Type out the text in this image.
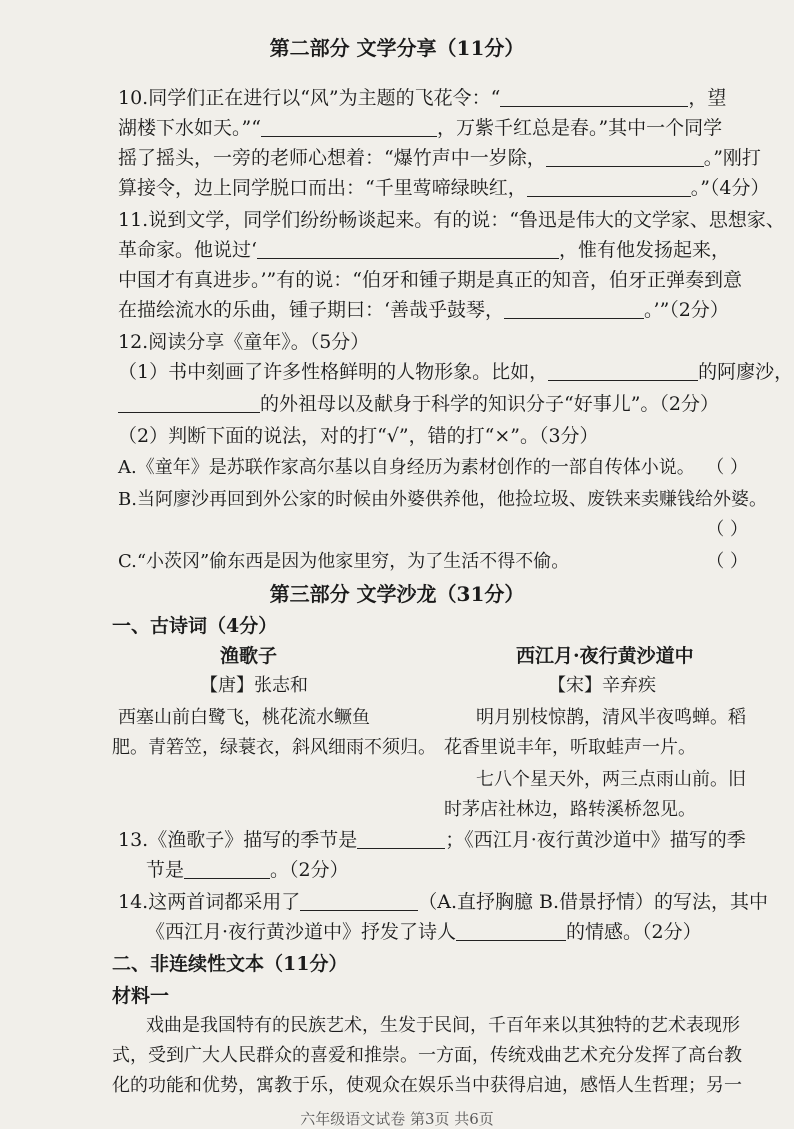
第二部分 文学分享（11分）
10.同学们正在进行以“风”为主题的飞花令：“	，望
湖楼下水如天。”“	，万紫千红总是春。”其中一个同学
摇了摇头，一旁的老师心想着：“爆竹声中一岁除，	。”刚打
算接令，边上同学脱口而出：“千里莺啼绿映红，	。”（4分）
11.说到文学，同学们纷纷畅谈起来。有的说：“鲁迅是伟大的文学家、思想家、
革命家。他说过‘	，惟有他发扬起来，
中国才有真进步。’”有的说：“伯牙和锺子期是真正的知音，伯牙正弹奏到意
在描绘流水的乐曲，锺子期曰：‘善哉乎鼓琴，	。’”（2分）
12.阅读分享《童年》。（5分）
（1）书中刻画了许多性格鲜明的人物形象。比如，	的阿廖沙，
的外祖母以及献身于科学的知识分子“好事儿”。（2分）
（2）判断下面的说法，对的打“√”，错的打“×”。（3分）
A.《童年》是苏联作家高尔基以自身经历为素材创作的一部自传体小说。 （ ）
B.当阿廖沙再回到外公家的时候由外婆供养他，他捡垃圾、废铁来卖赚钱给外婆。
（ ）
C.“小茨冈”偷东西是因为他家里穷，为了生活不得不偷。	（ ）
第三部分 文学沙龙（31分）
一、古诗词（4分）
渔歌子
【唐】张志和
西塞山前白鹭飞，桃花流水鳜鱼
肥。青箬笠，绿蓑衣，斜风细雨不须归。
西江月·夜行黄沙道中
【宋】辛弃疾
明月别枝惊鹊，清风半夜鸣蝉。稻
花香里说丰年，听取蛙声一片。
七八个星天外，两三点雨山前。旧
时茅店社林边，路转溪桥忽见。
13.《渔歌子》描写的季节是	；《西江月·夜行黄沙道中》描写的季
节是	。（2分）
14.这两首词都采用了	（A.直抒胸臆 B.借景抒情）的写法，其中
《西江月·夜行黄沙道中》抒发了诗人	的情感。（2分）
二、非连续性文本（11分）
材料一
戏曲是我国特有的民族艺术，生发于民间，千百年来以其独特的艺术表现形
式，受到广大人民群众的喜爱和推崇。一方面，传统戏曲艺术充分发挥了高台教
化的功能和优势，寓教于乐，使观众在娱乐当中获得启迪，感悟人生哲理；另一
六年级语文试卷 第3页 共6页
